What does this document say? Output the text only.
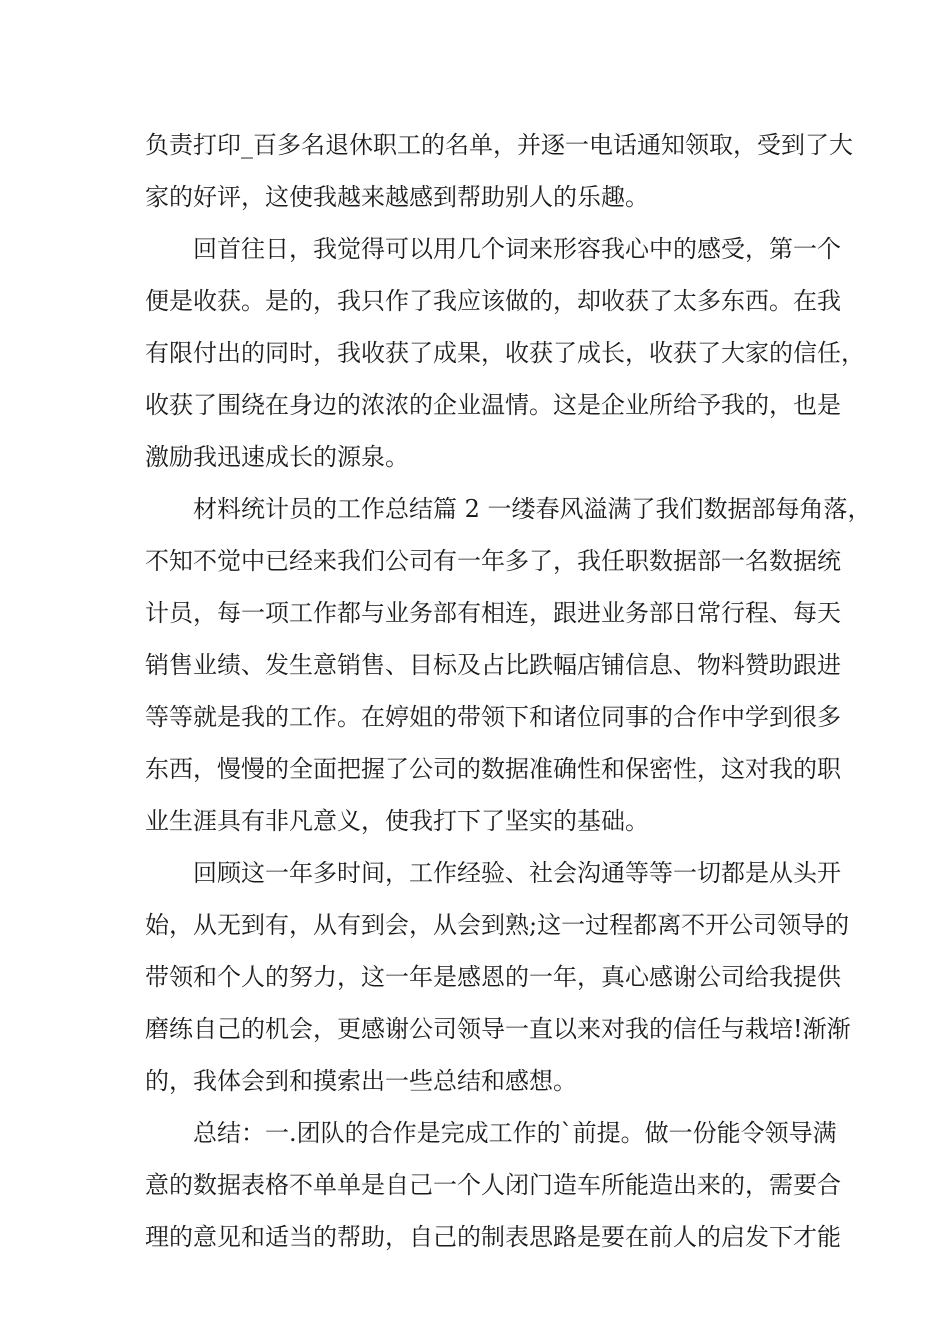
负责打印_百多名退休职工的名单，并逐一电话通知领取，受到了大
家的好评，这使我越来越感到帮助别人的乐趣。
回首往日，我觉得可以用几个词来形容我心中的感受，第一个
便是收获。是的，我只作了我应该做的，却收获了太多东西。在我
有限付出的同时，我收获了成果，收获了成长，收获了大家的信任，
收获了围绕在身边的浓浓的企业温情。这是企业所给予我的，也是
激励我迅速成长的源泉。
材料统计员的工作总结篇 2 一缕春风溢满了我们数据部每角落，
不知不觉中已经来我们公司有一年多了，我任职数据部一名数据统
计员，每一项工作都与业务部有相连，跟进业务部日常行程、每天
销售业绩、发生意销售、目标及占比跌幅店铺信息、物料赞助跟进
等等就是我的工作。在婷姐的带领下和诸位同事的合作中学到很多
东西，慢慢的全面把握了公司的数据准确性和保密性，这对我的职
业生涯具有非凡意义，使我打下了坚实的基础。
回顾这一年多时间，工作经验、社会沟通等等一切都是从头开
始，从无到有，从有到会，从会到熟;这一过程都离不开公司领导的
带领和个人的努力，这一年是感恩的一年，真心感谢公司给我提供
磨练自己的机会，更感谢公司领导一直以来对我的信任与栽培!渐渐
的，我体会到和摸索出一些总结和感想。
总结：一.团队的合作是完成工作的`前提。做一份能令领导满
意的数据表格不单单是自己一个人闭门造车所能造出来的，需要合
理的意见和适当的帮助，自己的制表思路是要在前人的启发下才能
